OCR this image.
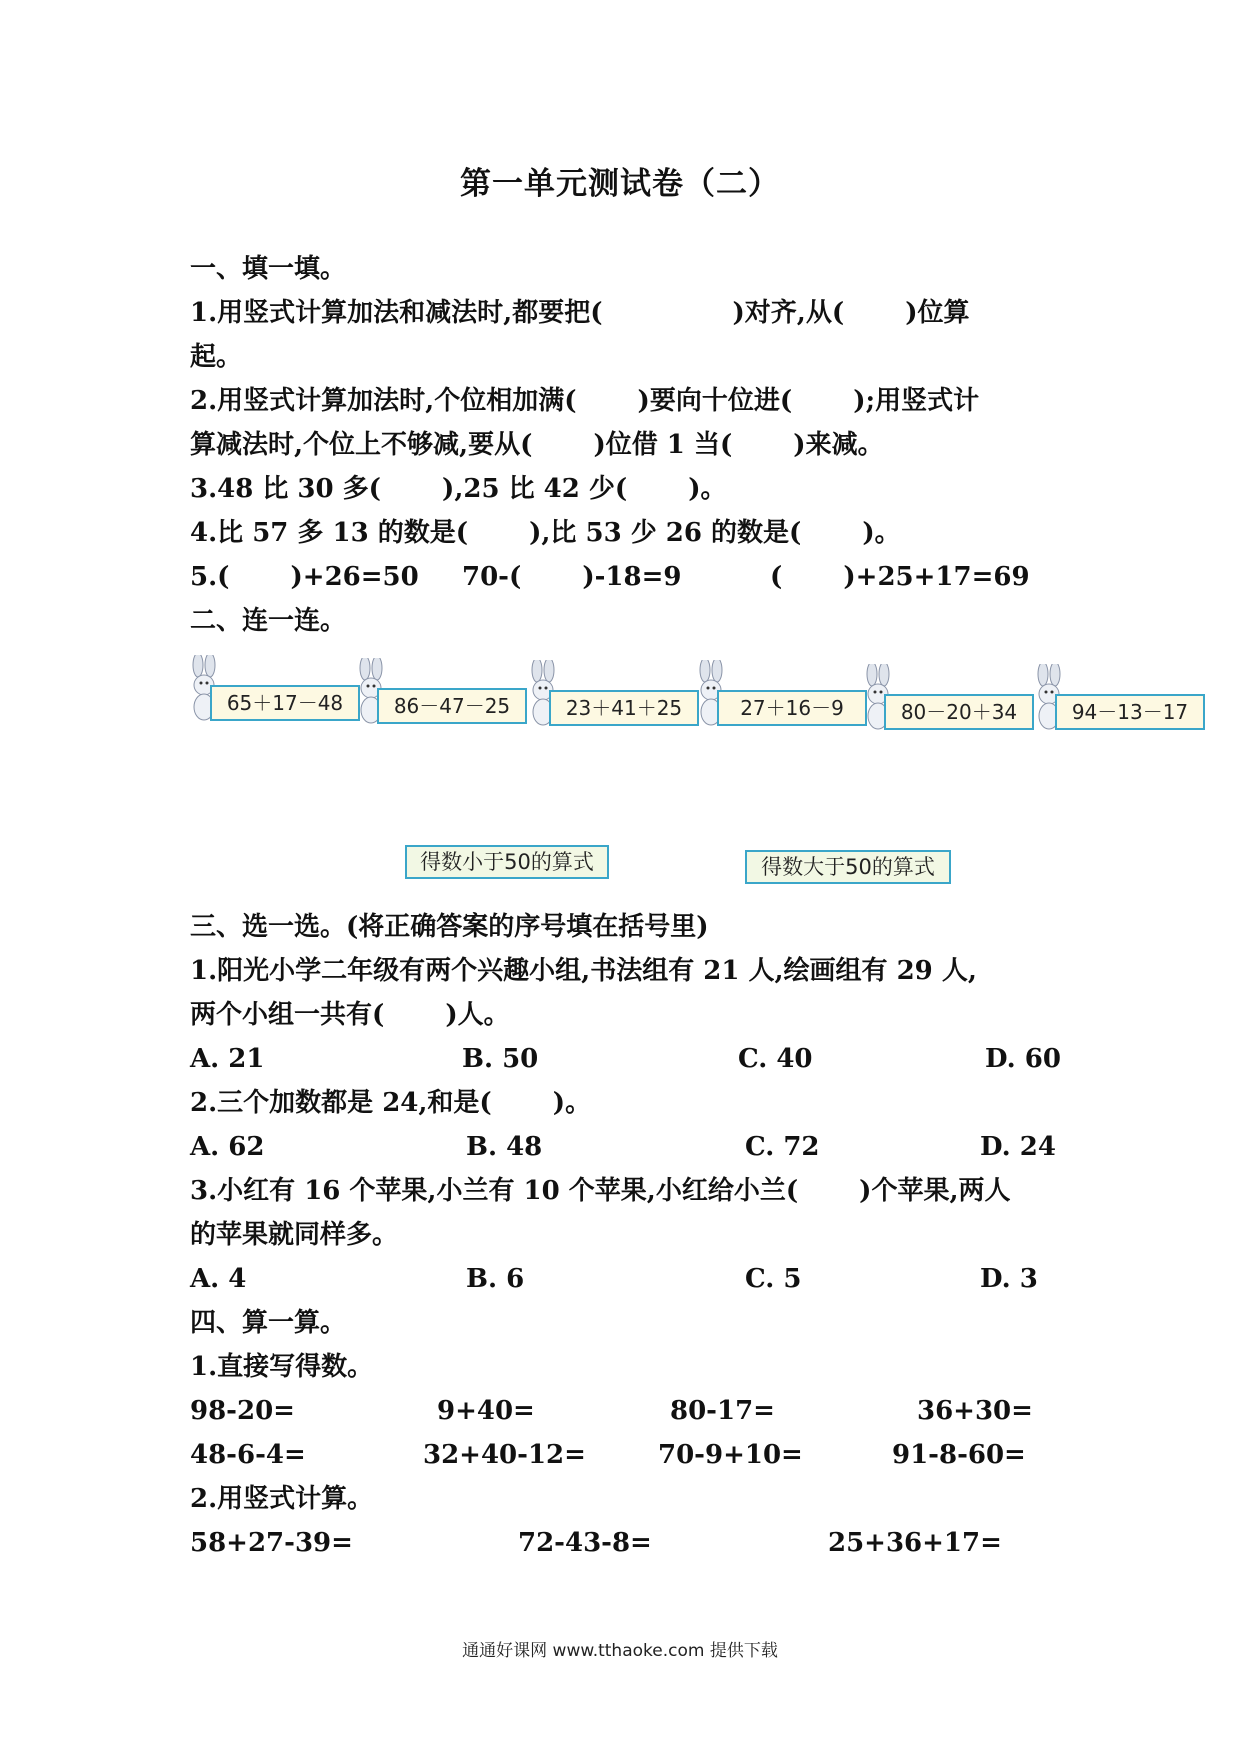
第一单元测试卷（二）
一、填一填。
1.用竖式计算加法和减法时,都要把(　　　　　)对齐,从(　　 )位算
起。
2.用竖式计算加法时,个位相加满(　　 )要向十位进(　　 );用竖式计
算减法时,个位上不够减,要从(　　 )位借 1 当(　　 )来减。
3.48 比 30 多(　　 ),25 比 42 少(　　 )。
4.比 57 多 13 的数是(　　 ),比 53 少 26 的数是(　　 )。
5.(　　 )+26=50 70-(　　 )-18=9	(　　 )+25+17=69
二、连一连。
65＋17－48	86－47－25	23＋41＋25	27＋16－9	80－20＋34	94－13－17
得数小于50的算式	得数大于50的算式
三、选一选。(将正确答案的序号填在括号里)
1.阳光小学二年级有两个兴趣小组,书法组有 21 人,绘画组有 29 人,
两个小组一共有(　　 )人。
A. 21	B. 50	C. 40	D. 60
2.三个加数都是 24,和是(　　 )。
A. 62	B. 48	C. 72	D. 24
3.小红有 16 个苹果,小兰有 10 个苹果,小红给小兰(　　 )个苹果,两人
的苹果就同样多。
A. 4	B. 6	C. 5	D. 3
四、算一算。
1.直接写得数。
98-20=	9+40=	80-17=	36+30=
48-6-4=	32+40-12=	70-9+10=	91-8-60=
2.用竖式计算。
58+27-39=	72-43-8=	25+36+17=
通通好课网 www.tthaoke.com 提供下载
